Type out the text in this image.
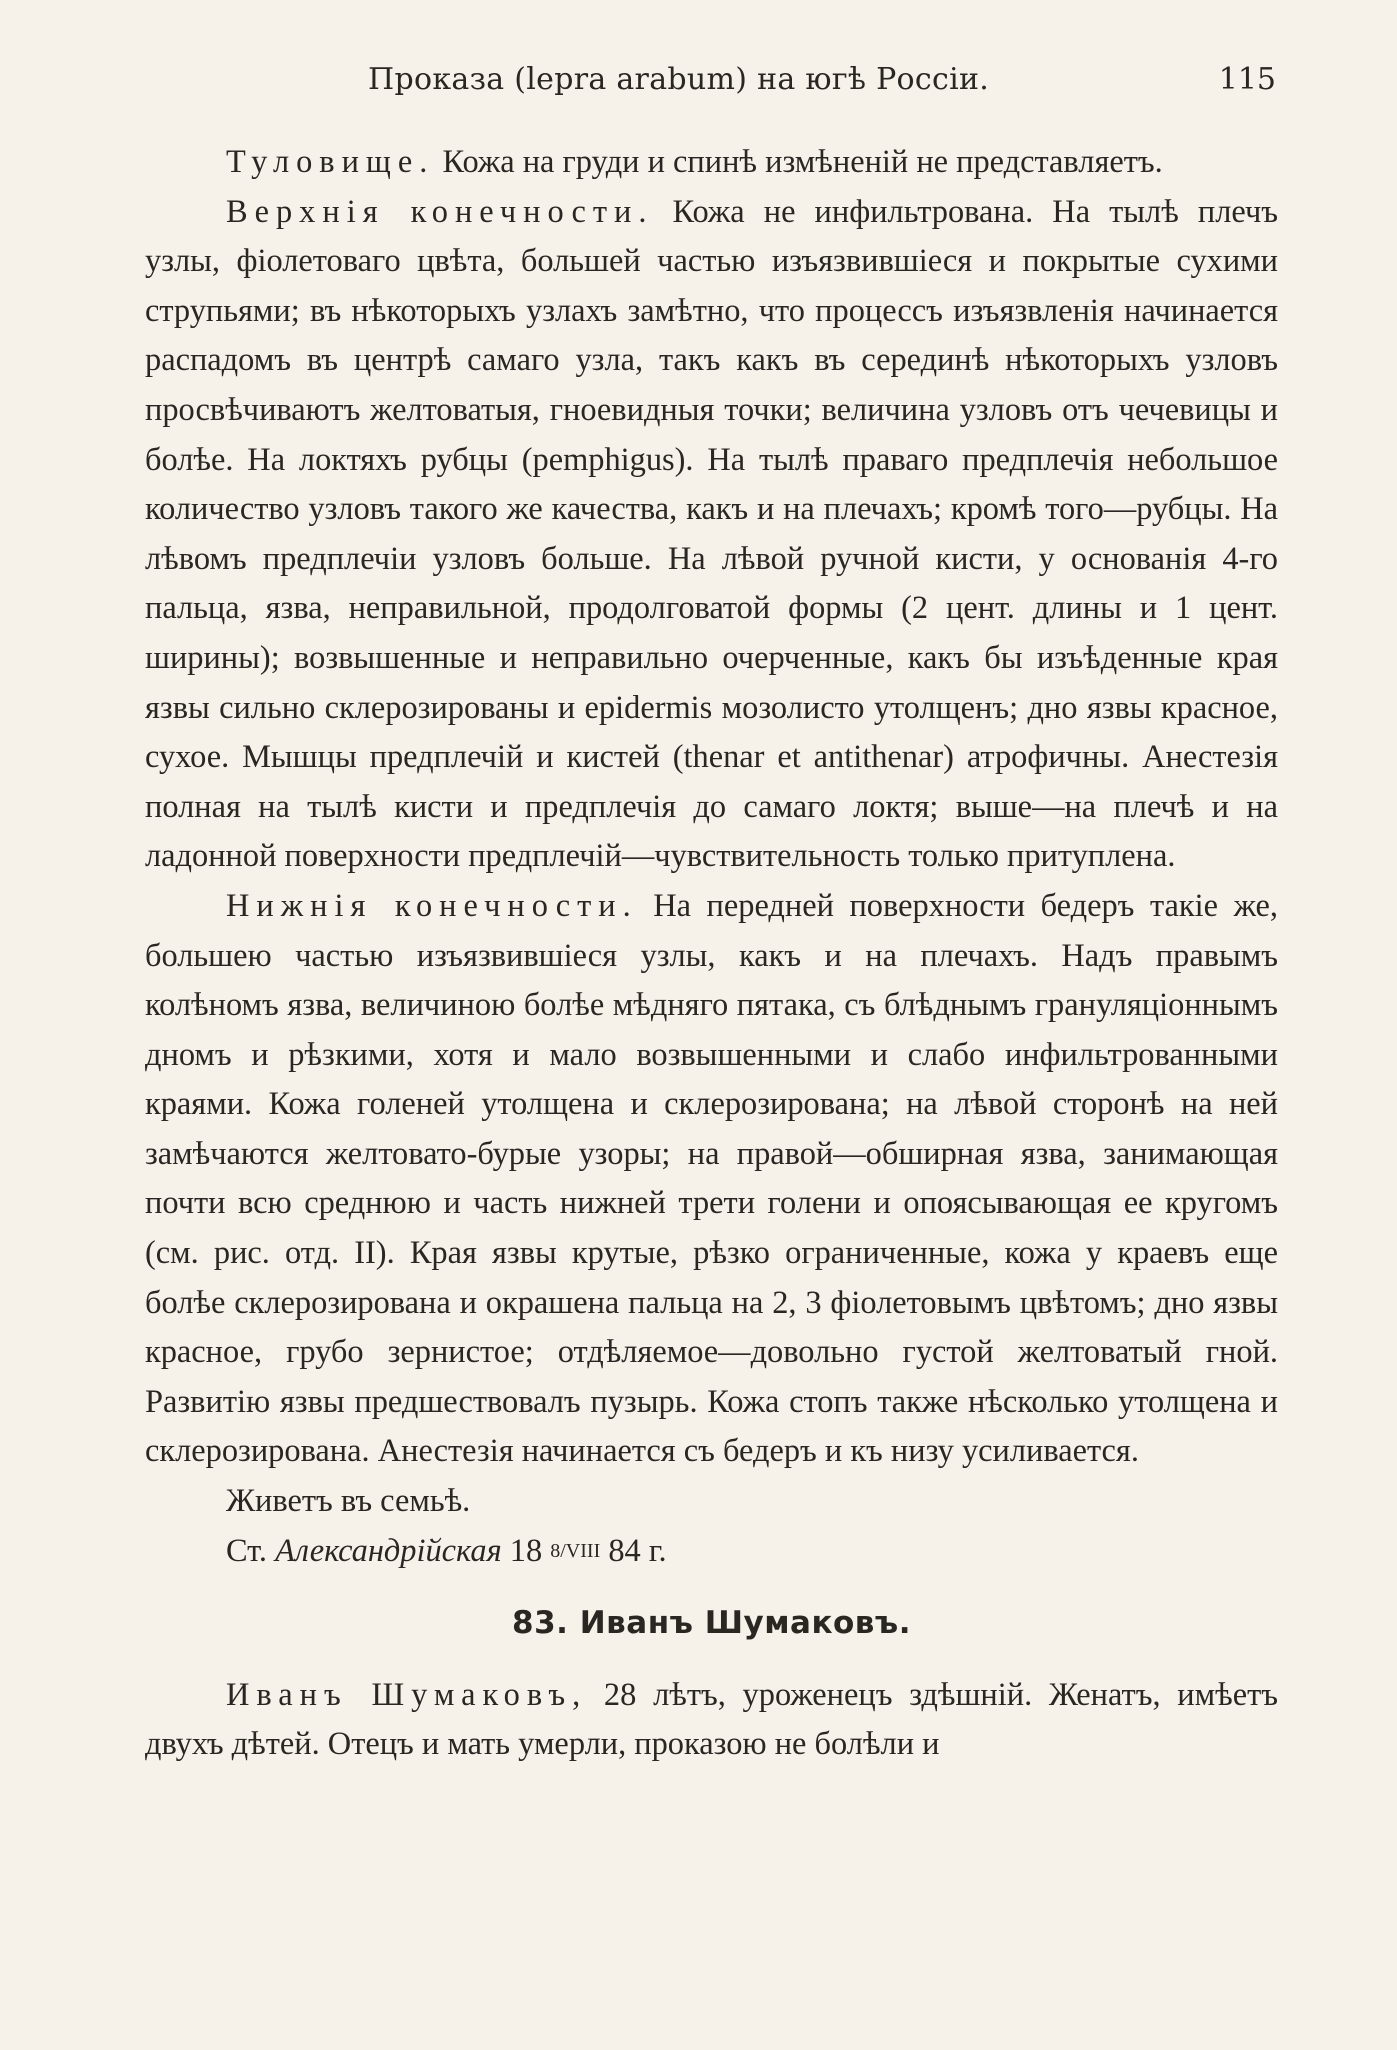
Проказа (lepra arabum) на югѣ Россіи.	115

Туловище. Кожа на груди и спинѣ измѣненій не представляетъ.

Верхнія конечности. Кожа не инфильтрована. На тылѣ плечъ узлы, фіолетоваго цвѣта, большей частью изъязвившіеся и покрытые сухими струпьями; въ нѣкоторыхъ узлахъ замѣтно, что процессъ изъязвленія начинается распадомъ въ центрѣ самаго узла, такъ какъ въ серединѣ нѣкоторыхъ узловъ просвѣчиваютъ желтоватыя, гноевидныя точки; величина узловъ отъ чечевицы и болѣе. На локтяхъ рубцы (pemphigus). На тылѣ праваго предплечія небольшое количество узловъ такого же качества, какъ и на плечахъ; кромѣ того—рубцы. На лѣвомъ предплечіи узловъ больше. На лѣвой ручной кисти, у основанія 4-го пальца, язва, неправильной, продолговатой формы (2 цент. длины и 1 цент. ширины); возвышенные и неправильно очерченные, какъ бы изъѣденные края язвы сильно склерозированы и epidermis мозолисто утолщенъ; дно язвы красное, сухое. Мышцы предплечій и кистей (thenar et antithenar) атрофичны. Анестезія полная на тылѣ кисти и предплечія до самаго локтя; выше—на плечѣ и на ладонной поверхности предплечій—чувствительность только притуплена.

Нижнія конечности. На передней поверхности бедеръ такіе же, большею частью изъязвившіеся узлы, какъ и на плечахъ. Надъ правымъ колѣномъ язва, величиною болѣе мѣдняго пятака, съ блѣднымъ грануляціоннымъ дномъ и рѣзкими, хотя и мало возвышенными и слабо инфильтрованными краями. Кожа голеней утолщена и склерозирована; на лѣвой сторонѣ на ней замѣчаются желтовато-бурые узоры; на правой—обширная язва, занимающая почти всю среднюю и часть нижней трети голени и опоясывающая ее кругомъ (см. рис. отд. II). Края язвы крутые, рѣзко ограниченные, кожа у краевъ еще болѣе склерозирована и окрашена пальца на 2, 3 фіолетовымъ цвѣтомъ; дно язвы красное, грубо зернистое; отдѣляемое—довольно густой желтоватый гной. Развитію язвы предшествовалъ пузырь. Кожа стопъ также нѣсколько утолщена и склерозирована. Анестезія начинается съ бедеръ и къ низу усиливается.

Живетъ въ семьѣ.

Ст. Александрійская 18 8/VIII 84 г.

83. Иванъ Шумаковъ.

Иванъ Шумаковъ, 28 лѣтъ, уроженецъ здѣшній. Женатъ, имѣетъ двухъ дѣтей. Отецъ и мать умерли, проказою не болѣли и
